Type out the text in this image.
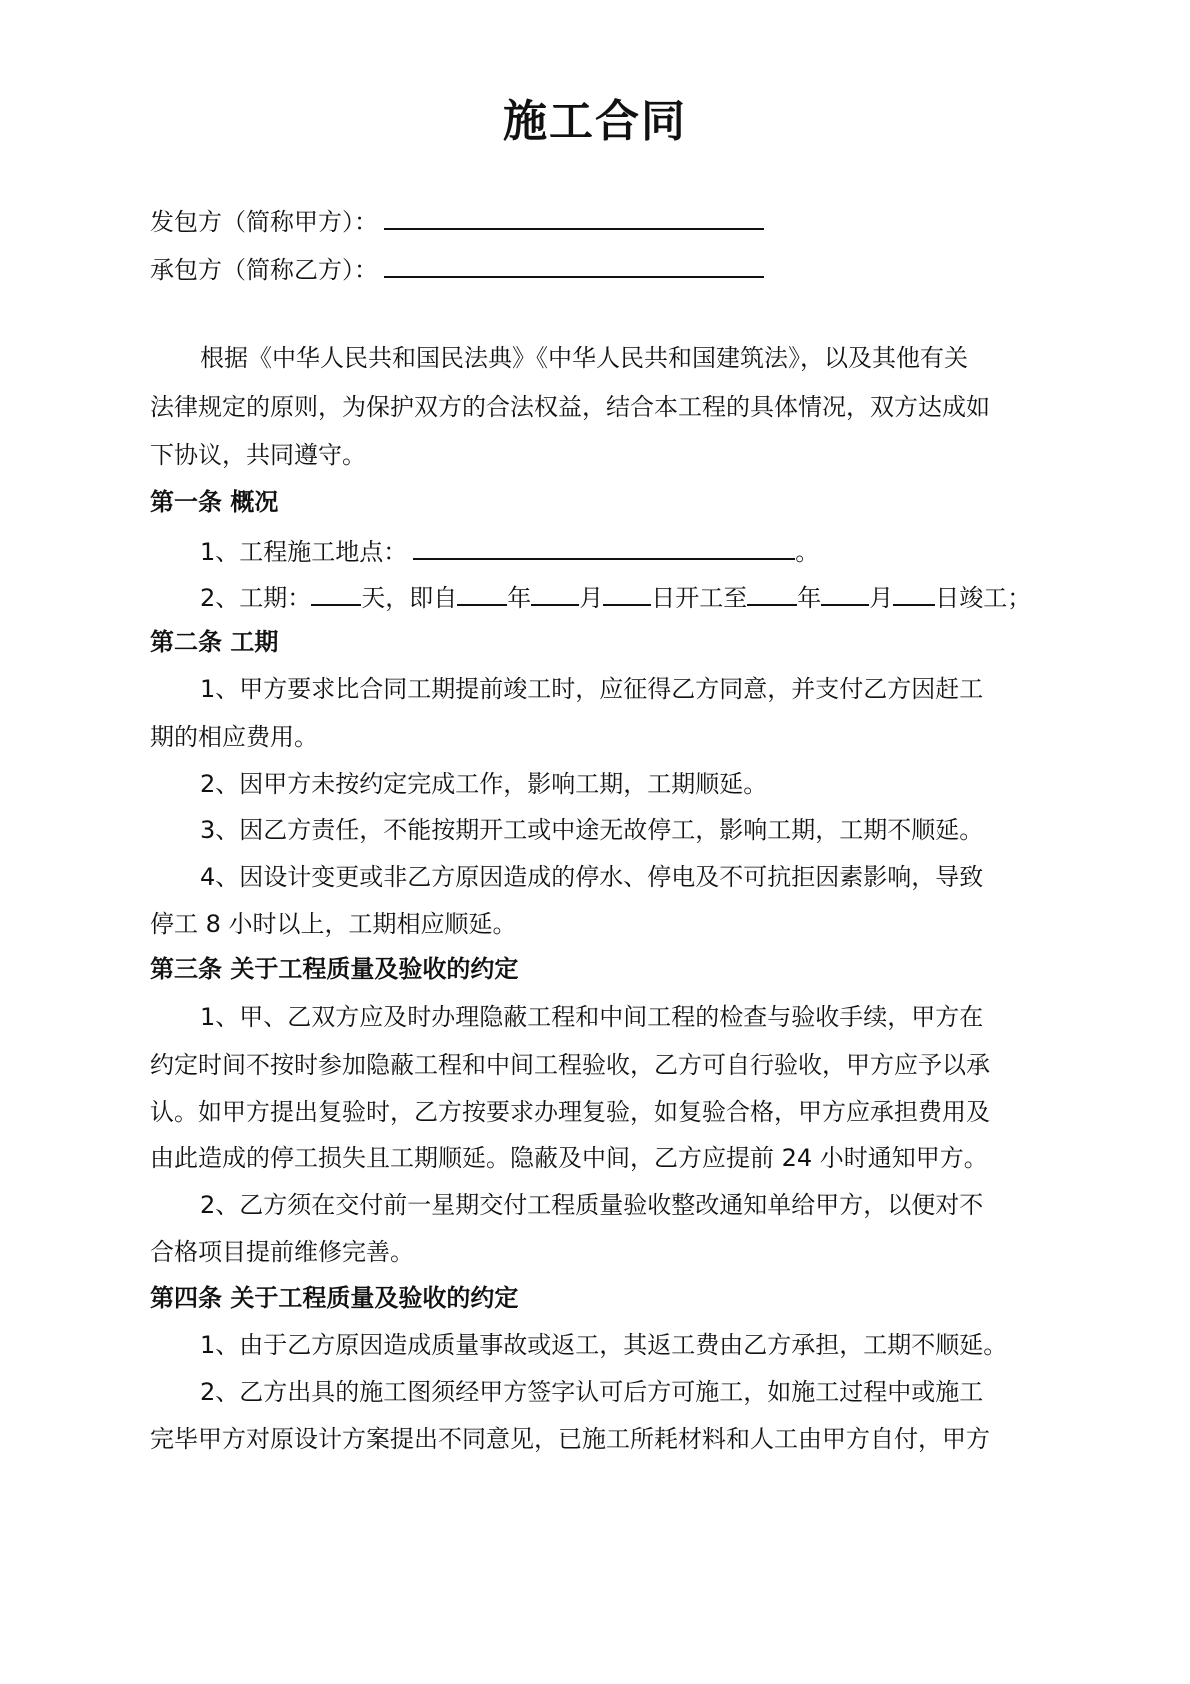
施工合同
发包方（简称甲方）：
承包方（简称乙方）：
根据《中华人民共和国民法典》《中华人民共和国建筑法》，以及其他有关
法律规定的原则，为保护双方的合法权益，结合本工程的具体情况，双方达成如
下协议，共同遵守。
第一条 概况
1、工程施工地点：	。
2、工期： 天，即自 年 月 日开工至 年 月 日竣工；
第二条 工期
1、甲方要求比合同工期提前竣工时，应征得乙方同意，并支付乙方因赶工
期的相应费用。
2、因甲方未按约定完成工作，影响工期，工期顺延。
3、因乙方责任，不能按期开工或中途无故停工，影响工期，工期不顺延。
4、因设计变更或非乙方原因造成的停水、停电及不可抗拒因素影响，导致
停工 8 小时以上，工期相应顺延。
第三条 关于工程质量及验收的约定
1、甲、乙双方应及时办理隐蔽工程和中间工程的检查与验收手续，甲方在
约定时间不按时参加隐蔽工程和中间工程验收，乙方可自行验收，甲方应予以承
认。如甲方提出复验时，乙方按要求办理复验，如复验合格，甲方应承担费用及
由此造成的停工损失且工期顺延。隐蔽及中间，乙方应提前 24 小时通知甲方。
2、乙方须在交付前一星期交付工程质量验收整改通知单给甲方，以便对不
合格项目提前维修完善。
第四条 关于工程质量及验收的约定
1、由于乙方原因造成质量事故或返工，其返工费由乙方承担，工期不顺延。
2、乙方出具的施工图须经甲方签字认可后方可施工，如施工过程中或施工
完毕甲方对原设计方案提出不同意见，已施工所耗材料和人工由甲方自付，甲方
